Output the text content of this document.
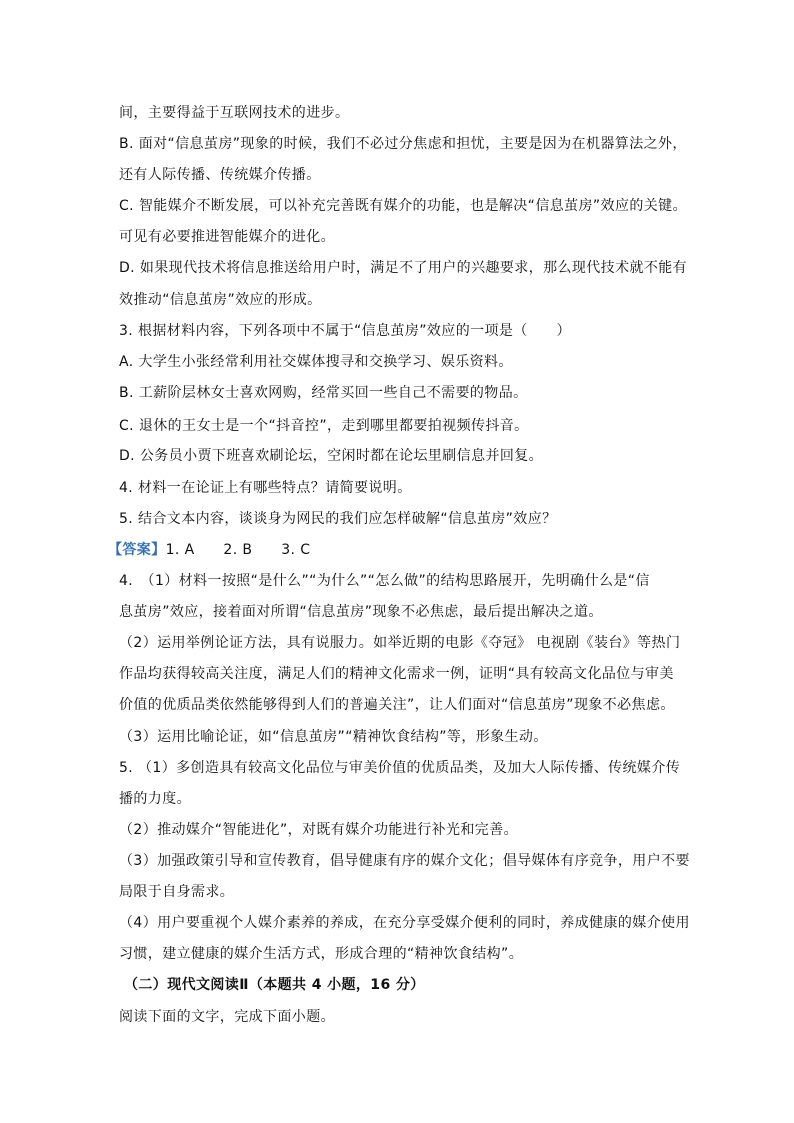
间，主要得益于互联网技术的进步。
B. 面对“信息茧房”现象的时候，我们不必过分焦虑和担忧，主要是因为在机器算法之外，
还有人际传播、传统媒介传播。
C. 智能媒介不断发展，可以补充完善既有媒介的功能，也是解决“信息茧房”效应的关键。
可见有必要推进智能媒介的进化。
D. 如果现代技术将信息推送给用户时，满足不了用户的兴趣要求，那么现代技术就不能有
效推动“信息茧房”效应的形成。
3. 根据材料内容，下列各项中不属于“信息茧房”效应的一项是（　　）
A. 大学生小张经常利用社交媒体搜寻和交换学习、娱乐资料。
B. 工薪阶层林女士喜欢网购，经常买回一些自己不需要的物品。
C. 退休的王女士是一个“抖音控”，走到哪里都要拍视频传抖音。
D. 公务员小贾下班喜欢刷论坛，空闲时都在论坛里刷信息并回复。
4. 材料一在论证上有哪些特点？请简要说明。
5. 结合文本内容，谈谈身为网民的我们应怎样破解“信息茧房”效应？
【答案】1. A　　2. B　　3. C
4.　（1）材料一按照“是什么”“为什么”“怎么做”的结构思路展开，先明确什么是“信
息茧房”效应，接着面对所谓“信息茧房”现象不必焦虑，最后提出解决之道。
（2）运用举例论证方法，具有说服力。如举近期的电影《夺冠》 电视剧《装台》等热门
作品均获得较高关注度，满足人们的精神文化需求一例，证明“具有较高文化品位与审美
价值的优质品类依然能够得到人们的普遍关注”，让人们面对“信息茧房”现象不必焦虑。
（3）运用比喻论证，如“信息茧房”“精神饮食结构”等，形象生动。
5. （1）多创造具有较高文化品位与审美价值的优质品类，及加大人际传播、传统媒介传
播的力度。
（2）推动媒介“智能进化”，对既有媒介功能进行补光和完善。
（3）加强政策引导和宣传教育，倡导健康有序的媒介文化；倡导媒体有序竞争，用户不要
局限于自身需求。
（4）用户要重视个人媒介素养的养成，在充分享受媒介便利的同时，养成健康的媒介使用
习惯，建立健康的媒介生活方式，形成合理的“精神饮食结构”。
（二）现代文阅读Ⅱ（本题共 4 小题，16 分）
阅读下面的文字，完成下面小题。
